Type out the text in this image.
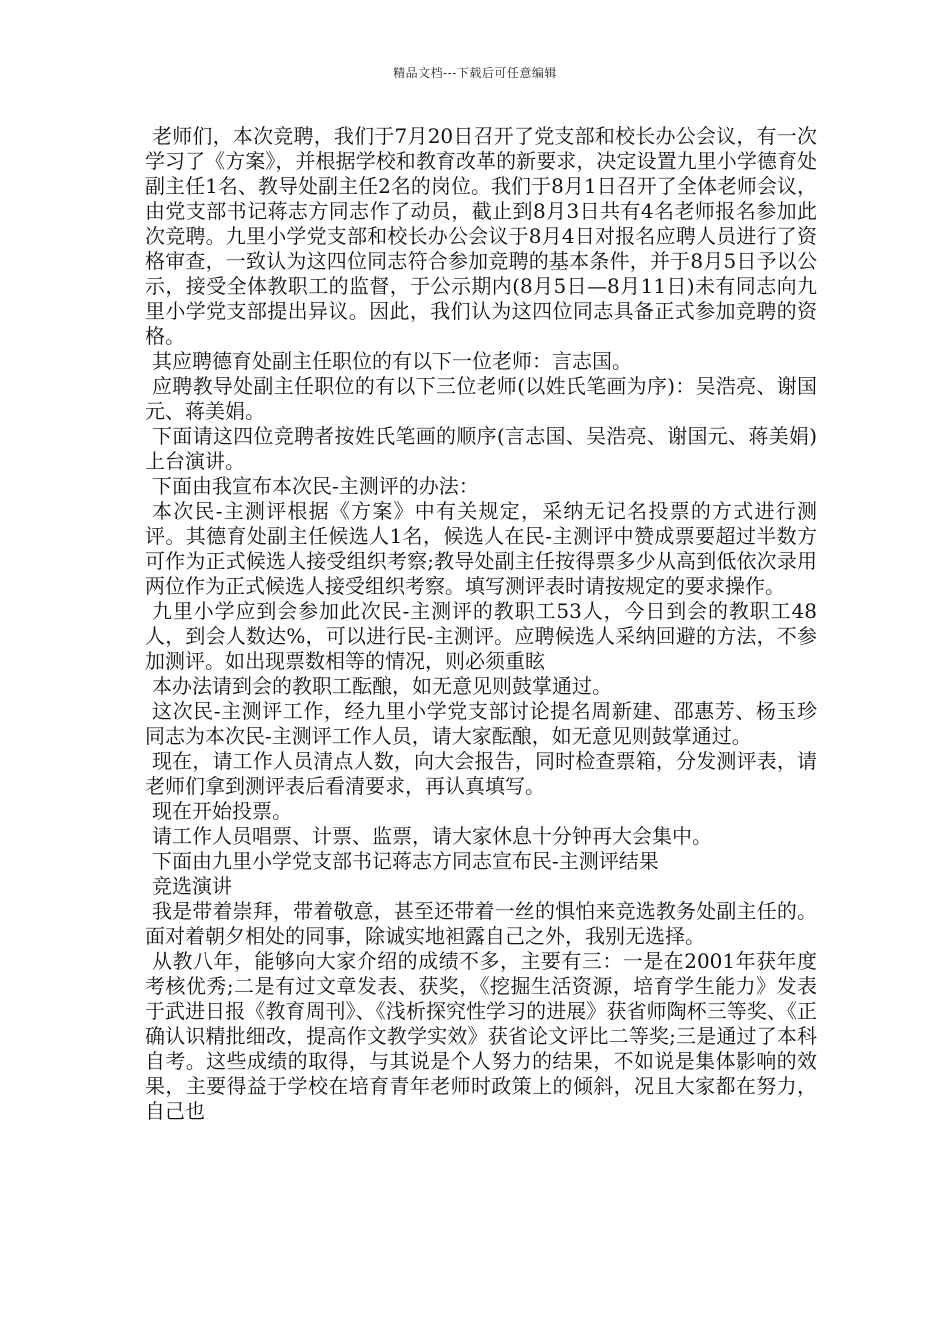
精品文档---下载后可任意编辑

老师们，本次竞聘，我们于7月20日召开了党支部和校长办公会议，有一次学习了《方案》，并根据学校和教育改革的新要求，决定设置九里小学德育处副主任1名、教导处副主任2名的岗位。我们于8月1日召开了全体老师会议，由党支部书记蒋志方同志作了动员，截止到8月3日共有4名老师报名参加此次竞聘。九里小学党支部和校长办公会议于8月4日对报名应聘人员进行了资格审查，一致认为这四位同志符合参加竞聘的基本条件，并于8月5日予以公示，接受全体教职工的监督，于公示期内(8月5日—8月11日)未有同志向九里小学党支部提出异议。因此，我们认为这四位同志具备正式参加竞聘的资格。

其应聘德育处副主任职位的有以下一位老师：言志国。

应聘教导处副主任职位的有以下三位老师(以姓氏笔画为序)：吴浩亮、谢国元、蒋美娟。

下面请这四位竞聘者按姓氏笔画的顺序(言志国、吴浩亮、谢国元、蒋美娟)上台演讲。

下面由我宣布本次民-主测评的办法：

本次民-主测评根据《方案》中有关规定，采纳无记名投票的方式进行测评。其德育处副主任候选人1名，候选人在民-主测评中赞成票要超过半数方可作为正式候选人接受组织考察;教导处副主任按得票多少从高到低依次录用两位作为正式候选人接受组织考察。填写测评表时请按规定的要求操作。

九里小学应到会参加此次民-主测评的教职工53人，今日到会的教职工48人，到会人数达%，可以进行民-主测评。应聘候选人采纳回避的方法，不参加测评。如出现票数相等的情况，则必须重眩

本办法请到会的教职工酝酿，如无意见则鼓掌通过。

这次民-主测评工作，经九里小学党支部讨论提名周新建、邵惠芳、杨玉珍同志为本次民-主测评工作人员，请大家酝酿，如无意见则鼓掌通过。

现在，请工作人员清点人数，向大会报告，同时检查票箱，分发测评表，请老师们拿到测评表后看清要求，再认真填写。

现在开始投票。

请工作人员唱票、计票、监票，请大家休息十分钟再大会集中。

下面由九里小学党支部书记蒋志方同志宣布民-主测评结果

竞选演讲

我是带着崇拜，带着敬意，甚至还带着一丝的惧怕来竞选教务处副主任的。面对着朝夕相处的同事，除诚实地袒露自己之外，我别无选择。

从教八年，能够向大家介绍的成绩不多，主要有三：一是在2001年获年度考核优秀;二是有过文章发表、获奖，《挖掘生活资源，培育学生能力》发表于武进日报《教育周刊》、《浅析探究性学习的进展》获省师陶杯三等奖、《正确认识精批细改，提高作文教学实效》获省论文评比二等奖;三是通过了本科自考。这些成绩的取得，与其说是个人努力的结果，不如说是集体影响的效果，主要得益于学校在培育青年老师时政策上的倾斜，况且大家都在努力，自己也
